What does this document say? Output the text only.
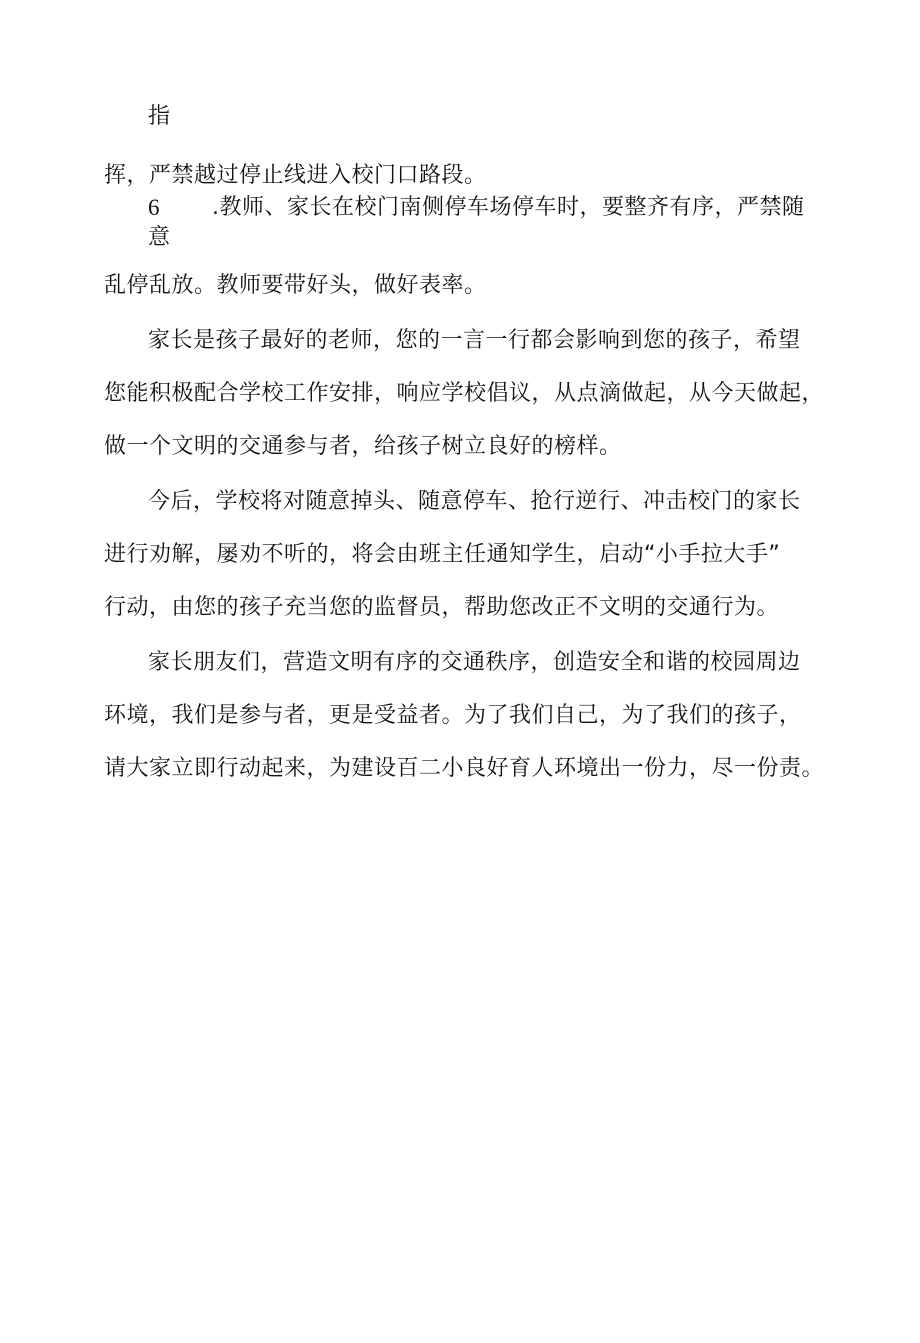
指
挥，严禁越过停止线进入校门口路段。
6 .教师、家长在校门南侧停车场停车时，要整齐有序，严禁随
意
乱停乱放。教师要带好头，做好表率。
家长是孩子最好的老师，您的一言一行都会影响到您的孩子，希望
您能积极配合学校工作安排，响应学校倡议，从点滴做起，从今天做起，
做一个文明的交通参与者，给孩子树立良好的榜样。
今后，学校将对随意掉头、随意停车、抢行逆行、冲击校门的家长
进行劝解，屡劝不听的，将会由班主任通知学生，启动“小手拉大手”
行动，由您的孩子充当您的监督员，帮助您改正不文明的交通行为。
家长朋友们，营造文明有序的交通秩序，创造安全和谐的校园周边
环境，我们是参与者，更是受益者。为了我们自己，为了我们的孩子，
请大家立即行动起来，为建设百二小良好育人环境出一份力，尽一份责。
